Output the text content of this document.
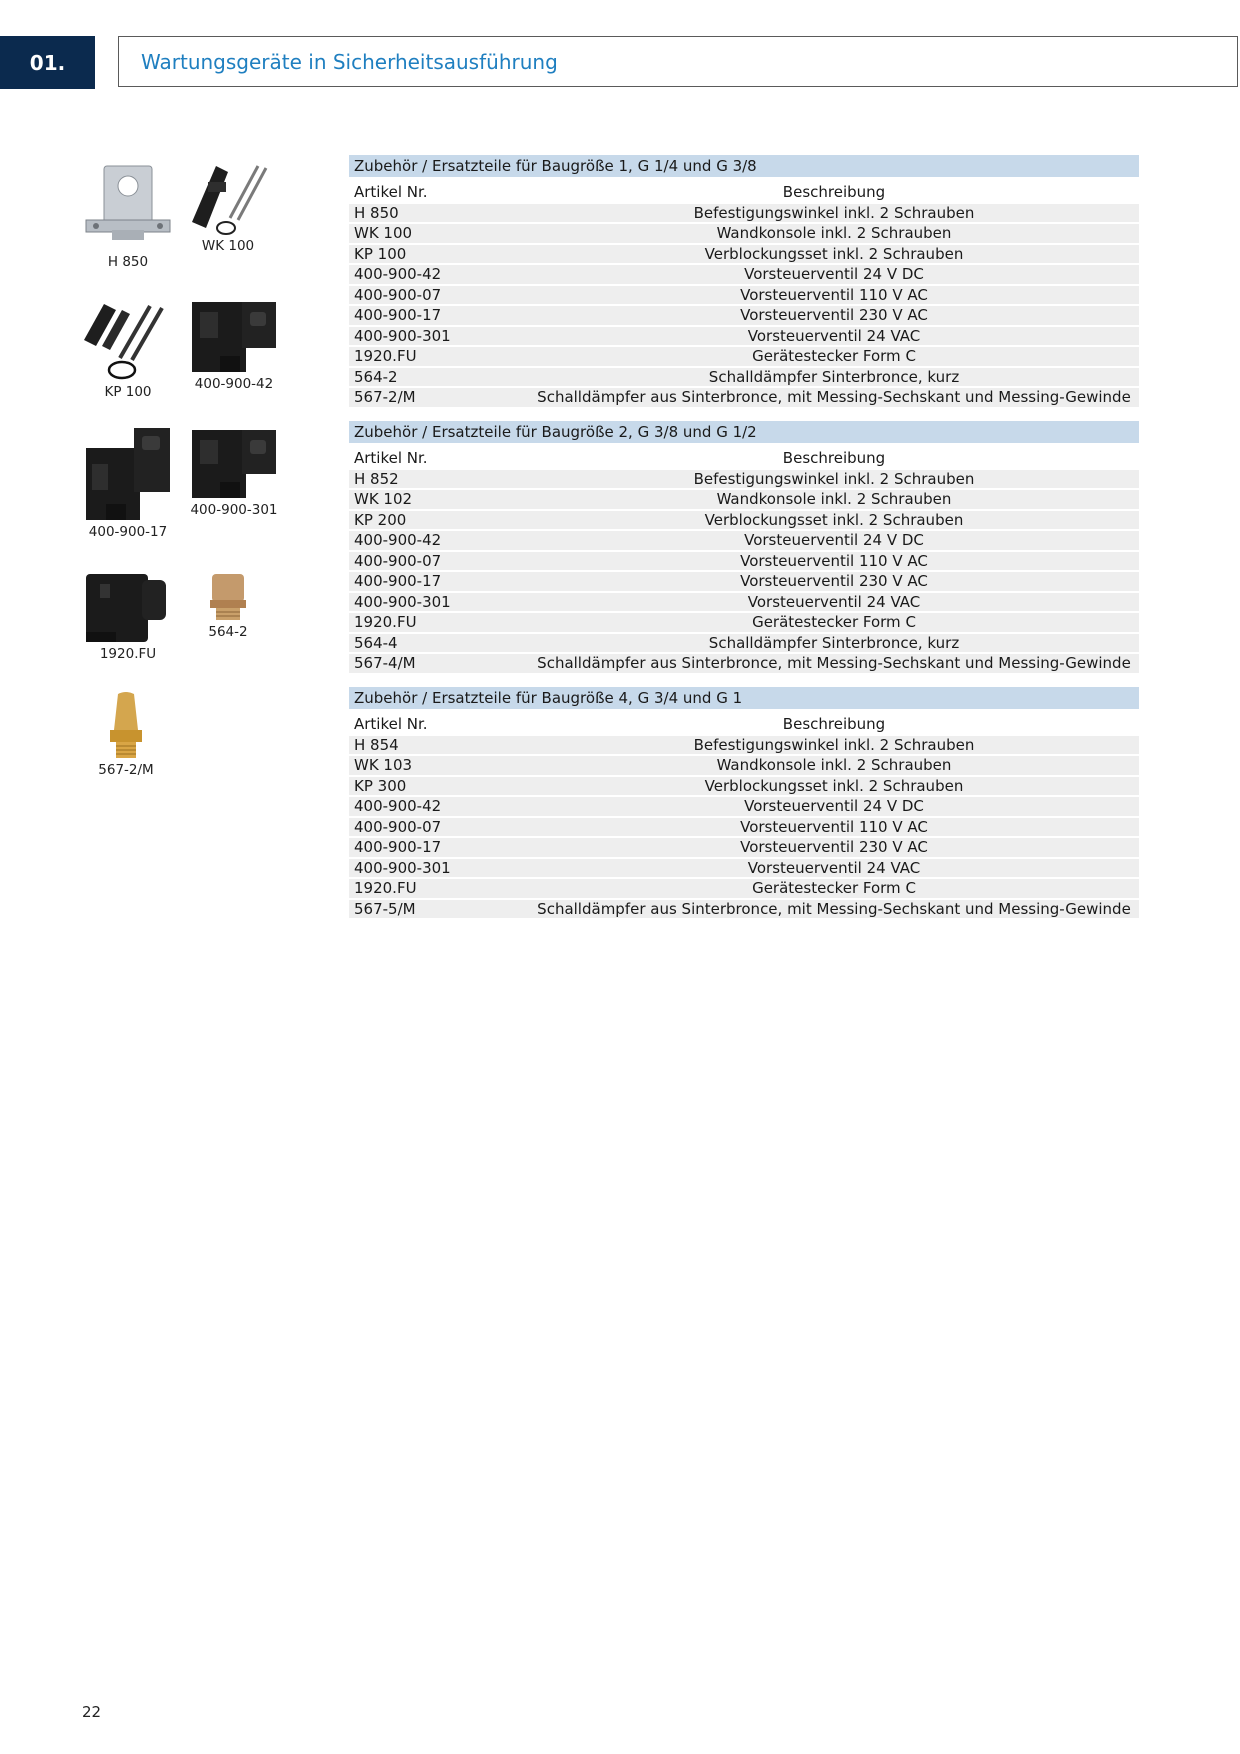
01.	Wartungsgeräte in Sicherheitsausführung
H 850
WK 100
KP 100	400-900-42
400-900-17
400-900-301
1920.FU
564-2
567-2/M
Zubehör / Ersatzteile für Baugröße 1, G 1/4 und G 3/8
Artikel Nr.	Beschreibung
H 850	Befestigungswinkel inkl. 2 Schrauben
WK 100	Wandkonsole inkl. 2 Schrauben
KP 100	Verblockungsset inkl. 2 Schrauben
400-900-42	Vorsteuerventil 24 V DC
400-900-07	Vorsteuerventil 110 V AC
400-900-17	Vorsteuerventil 230 V AC
400-900-301	Vorsteuerventil 24 VAC
1920.FU	Gerätestecker Form C
564-2	Schalldämpfer Sinterbronce, kurz
567-2/M	Schalldämpfer aus Sinterbronce, mit Messing-Sechskant und Messing-Gewinde
Zubehör / Ersatzteile für Baugröße 2, G 3/8 und G 1/2
Artikel Nr.	Beschreibung
H 852	Befestigungswinkel inkl. 2 Schrauben
WK 102	Wandkonsole inkl. 2 Schrauben
KP 200	Verblockungsset inkl. 2 Schrauben
400-900-42	Vorsteuerventil 24 V DC
400-900-07	Vorsteuerventil 110 V AC
400-900-17	Vorsteuerventil 230 V AC
400-900-301	Vorsteuerventil 24 VAC
1920.FU	Gerätestecker Form C
564-4	Schalldämpfer Sinterbronce, kurz
567-4/M	Schalldämpfer aus Sinterbronce, mit Messing-Sechskant und Messing-Gewinde
Zubehör / Ersatzteile für Baugröße 4, G 3/4 und G 1
Artikel Nr.	Beschreibung
H 854	Befestigungswinkel inkl. 2 Schrauben
WK 103	Wandkonsole inkl. 2 Schrauben
KP 300	Verblockungsset inkl. 2 Schrauben
400-900-42	Vorsteuerventil 24 V DC
400-900-07	Vorsteuerventil 110 V AC
400-900-17	Vorsteuerventil 230 V AC
400-900-301	Vorsteuerventil 24 VAC
1920.FU	Gerätestecker Form C
567-5/M	Schalldämpfer aus Sinterbronce, mit Messing-Sechskant und Messing-Gewinde
22
